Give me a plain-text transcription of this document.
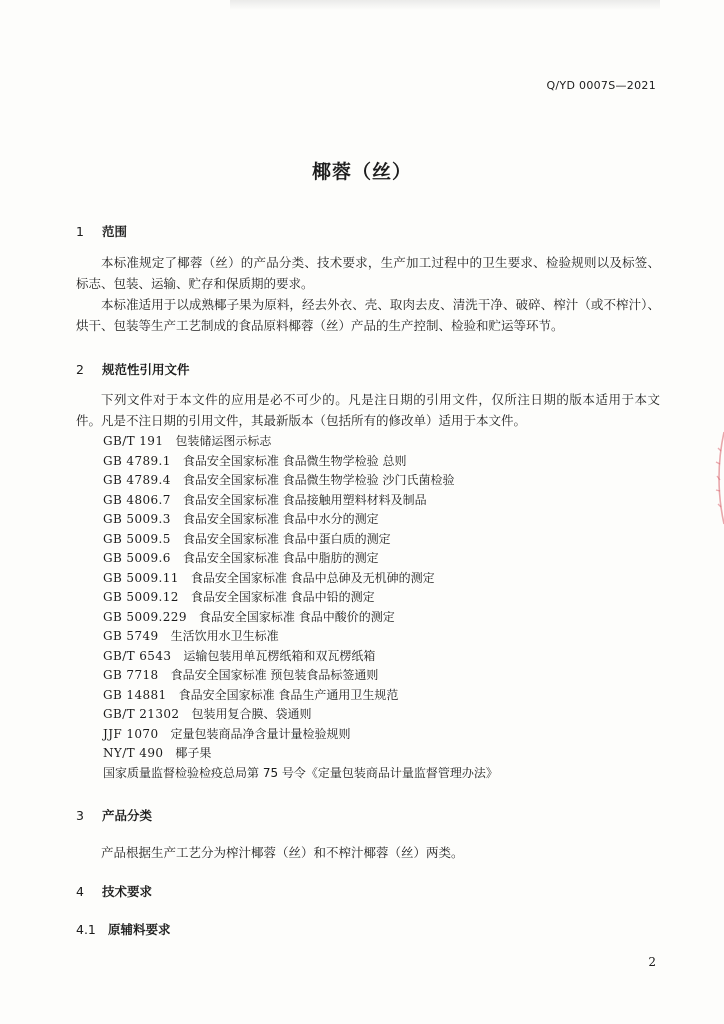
Q/YD 0007S—2021
椰蓉（丝）
1 范围
本标准规定了椰蓉（丝）的产品分类、技术要求，生产加工过程中的卫生要求、检验规则以及标签、标志、包装、运输、贮存和保质期的要求。
本标准适用于以成熟椰子果为原料，经去外衣、壳、取肉去皮、清洗干净、破碎、榨汁（或不榨汁）、烘干、包装等生产工艺制成的食品原料椰蓉（丝）产品的生产控制、检验和贮运等环节。
2 规范性引用文件
下列文件对于本文件的应用是必不可少的。凡是注日期的引用文件，仅所注日期的版本适用于本文件。凡是不注日期的引用文件，其最新版本（包括所有的修改单）适用于本文件。
GB/T 191 包装储运图示标志
GB 4789.1 食品安全国家标准 食品微生物学检验 总则
GB 4789.4 食品安全国家标准 食品微生物学检验 沙门氏菌检验
GB 4806.7 食品安全国家标准 食品接触用塑料材料及制品
GB 5009.3 食品安全国家标准 食品中水分的测定
GB 5009.5 食品安全国家标准 食品中蛋白质的测定
GB 5009.6 食品安全国家标准 食品中脂肪的测定
GB 5009.11 食品安全国家标准 食品中总砷及无机砷的测定
GB 5009.12 食品安全国家标准 食品中铅的测定
GB 5009.229 食品安全国家标准 食品中酸价的测定
GB 5749 生活饮用水卫生标准
GB/T 6543 运输包装用单瓦楞纸箱和双瓦楞纸箱
GB 7718 食品安全国家标准 预包装食品标签通则
GB 14881 食品安全国家标准 食品生产通用卫生规范
GB/T 21302 包装用复合膜、袋通则
JJF 1070 定量包装商品净含量计量检验规则
NY/T 490 椰子果
国家质量监督检验检疫总局第 75 号令《定量包装商品计量监督管理办法》
3 产品分类
产品根据生产工艺分为榨汁椰蓉（丝）和不榨汁椰蓉（丝）两类。
4 技术要求
4.1 原辅料要求
2
